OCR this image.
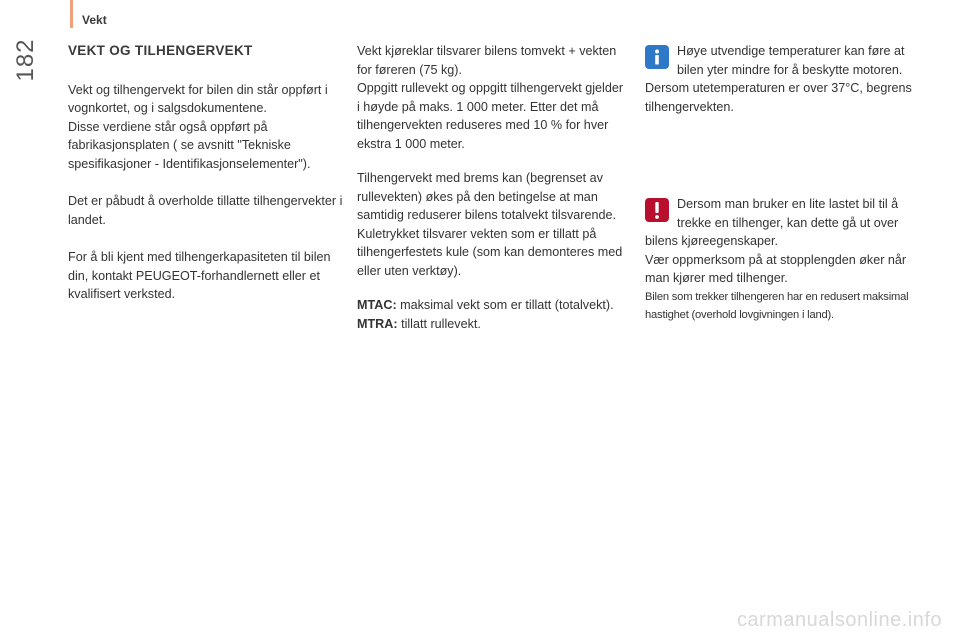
Vekt
182	VEKT OG TILHENGERVEKT

Vekt og tilhengervekt for bilen din står oppført i vognkortet, og i salgsdokumentene.

Disse verdiene står også oppført på fabrikasjonsplaten ( se avsnitt "Tekniske spesifikasjoner - Identifikasjonselementer").

Det er påbudt å overholde tillatte tilhengervekter i landet.

For å bli kjent med tilhengerkapasiteten til bilen din, kontakt PEUGEOT-forhandlernett eller et kvalifisert verksted.

Vekt kjøreklar tilsvarer bilens tomvekt + vekten for føreren (75 kg).

Oppgitt rullevekt og oppgitt tilhengervekt gjelder i høyde på maks. 1 000 meter. Etter det må tilhengervekten reduseres med 10 % for hver ekstra 1 000 meter.

Tilhengervekt med brems kan (begrenset av rullevekten) økes på den betingelse at man samtidig reduserer bilens totalvekt tilsvarende.

Kuletrykket tilsvarer vekten som er tillatt på tilhengerfestets kule (som kan demonteres med eller uten verktøy).

MTAC: maksimal vekt som er tillatt (totalvekt).

MTRA: tillatt rullevekt.

Høye utvendige temperaturer kan føre at bilen yter mindre for å beskytte motoren. Dersom utetemperaturen er over 37°C, begrens tilhengervekten.

Dersom man bruker en lite lastet bil til å trekke en tilhenger, kan dette gå ut over bilens kjøreegenskaper.

Vær oppmerksom på at stopplengden øker når man kjører med tilhenger.

Bilen som trekker tilhengeren har en redusert maksimal hastighet (overhold lovgivningen i land).

carmanualsonline.info
